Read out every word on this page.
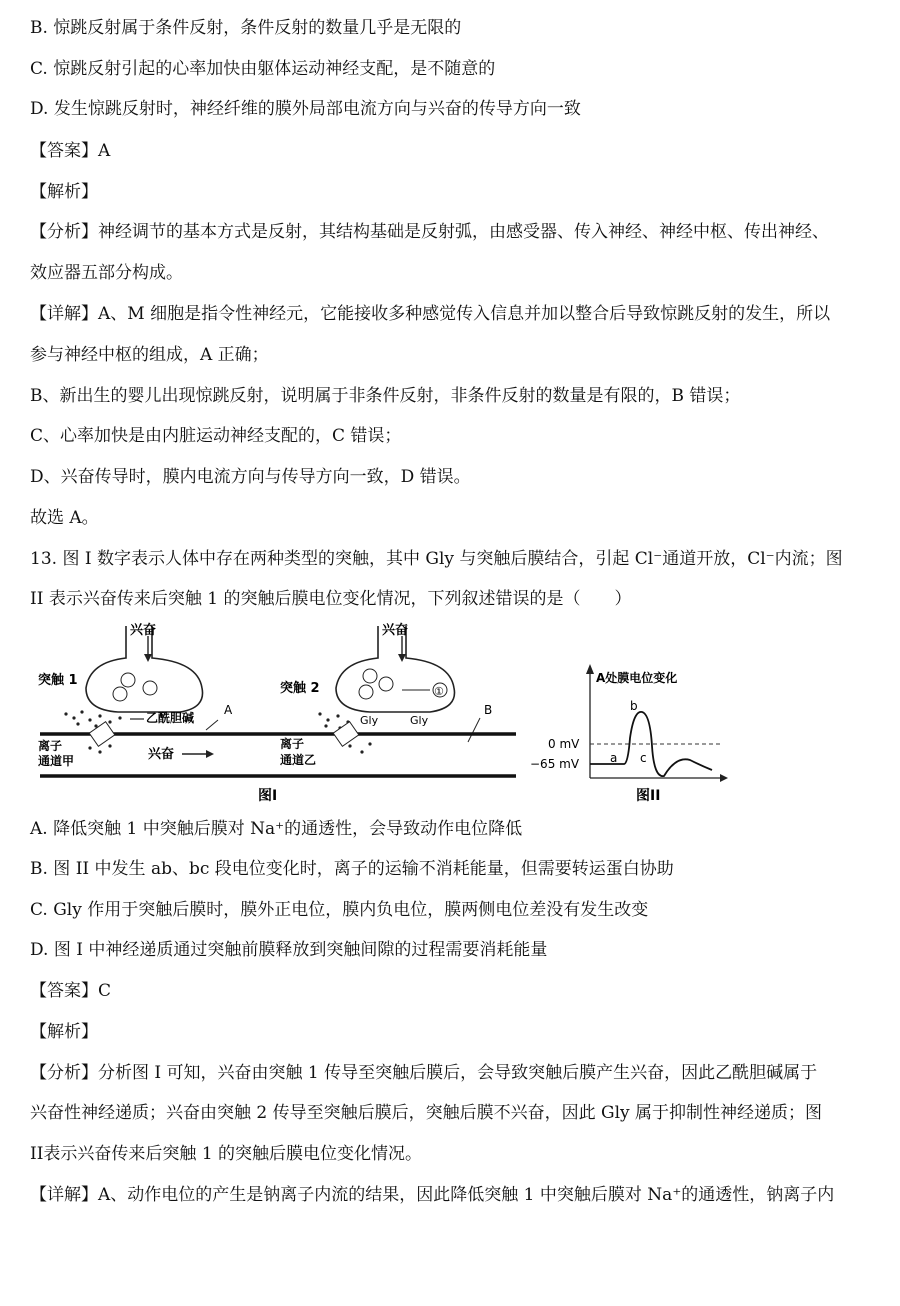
B. 惊跳反射属于条件反射，条件反射的数量几乎是无限的
C. 惊跳反射引起的心率加快由躯体运动神经支配，是不随意的
D. 发生惊跳反射时，神经纤维的膜外局部电流方向与兴奋的传导方向一致
【答案】A
【解析】
【分析】神经调节的基本方式是反射，其结构基础是反射弧，由感受器、传入神经、神经中枢、传出神经、
效应器五部分构成。
【详解】A、M 细胞是指令性神经元，它能接收多种感觉传入信息并加以整合后导致惊跳反射的发生，所以
参与神经中枢的组成，A 正确；
B、新出生的婴儿出现惊跳反射，说明属于非条件反射，非条件反射的数量是有限的，B 错误；
C、心率加快是由内脏运动神经支配的，C 错误；
D、兴奋传导时，膜内电流方向与传导方向一致，D 错误。
故选 A。
13. 图 I 数字表示人体中存在两种类型的突触，其中 Gly 与突触后膜结合，引起 Cl⁻通道开放，Cl⁻内流；图
II 表示兴奋传来后突触 1 的突触后膜电位变化情况，下列叙述错误的是（　　）
兴奋
突触 1
乙酰胆碱
A
兴奋
突触 2	①
Gly	Gly
B
离子
通道甲
离子
通道乙
兴奋
图I
A处膜电位变化
0 mV
−65 mV	a
b
c
图II
A. 降低突触 1 中突触后膜对 Na⁺的通透性，会导致动作电位降低
B. 图 II 中发生 ab、bc 段电位变化时，离子的运输不消耗能量，但需要转运蛋白协助
C. Gly 作用于突触后膜时，膜外正电位，膜内负电位，膜两侧电位差没有发生改变
D. 图 I 中神经递质通过突触前膜释放到突触间隙的过程需要消耗能量
【答案】C
【解析】
【分析】分析图 I 可知，兴奋由突触 1 传导至突触后膜后，会导致突触后膜产生兴奋，因此乙酰胆碱属于
兴奋性神经递质；兴奋由突触 2 传导至突触后膜后，突触后膜不兴奋，因此 Gly 属于抑制性神经递质；图
II表示兴奋传来后突触 1 的突触后膜电位变化情况。
【详解】A、动作电位的产生是钠离子内流的结果，因此降低突触 1 中突触后膜对 Na⁺的通透性，钠离子内
